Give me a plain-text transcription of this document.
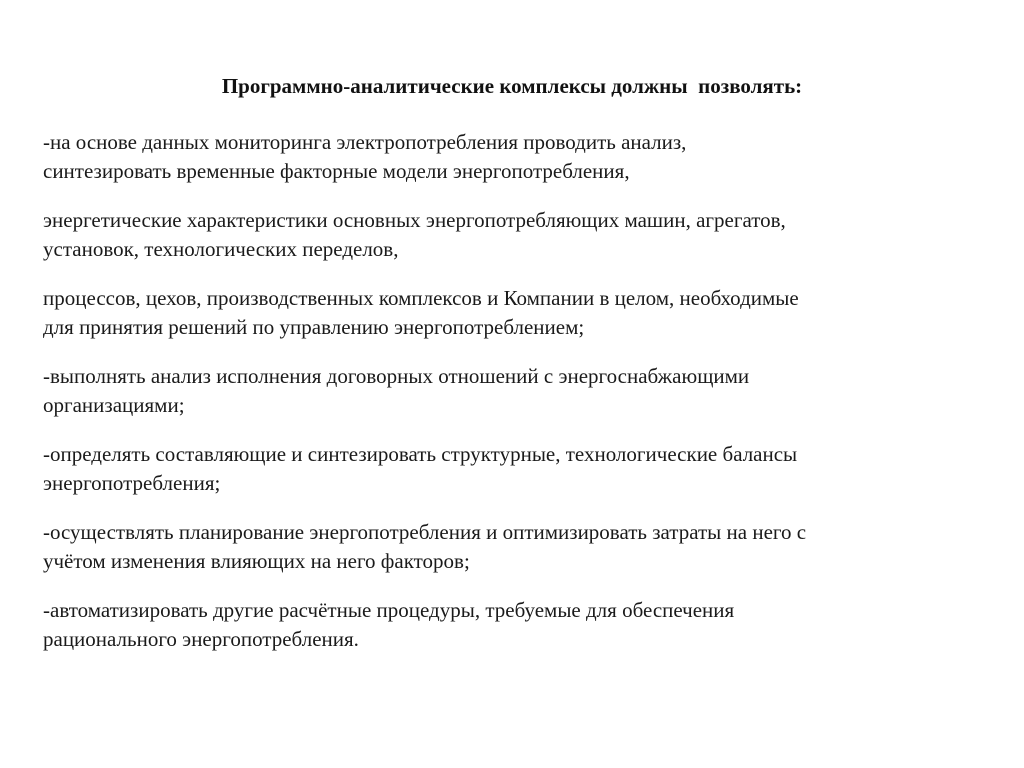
Программно-аналитические комплексы должны  позволять:

-на основе данных мониторинга электропотребления проводить анализ,
синтезировать временные факторные модели энергопотребления,

энергетические характеристики основных энергопотребляющих машин, агрегатов,
установок, технологических переделов,

процессов, цехов, производственных комплексов и Компании в целом, необходимые
для принятия решений по управлению энергопотреблением;

-выполнять анализ исполнения договорных отношений с энергоснабжающими
организациями;

-определять составляющие и синтезировать структурные, технологические балансы
энергопотребления;

-осуществлять планирование энергопотребления и оптимизировать затраты на него с
учётом изменения влияющих на него факторов;

-автоматизировать другие расчётные процедуры, требуемые для обеспечения
рационального энергопотребления.
